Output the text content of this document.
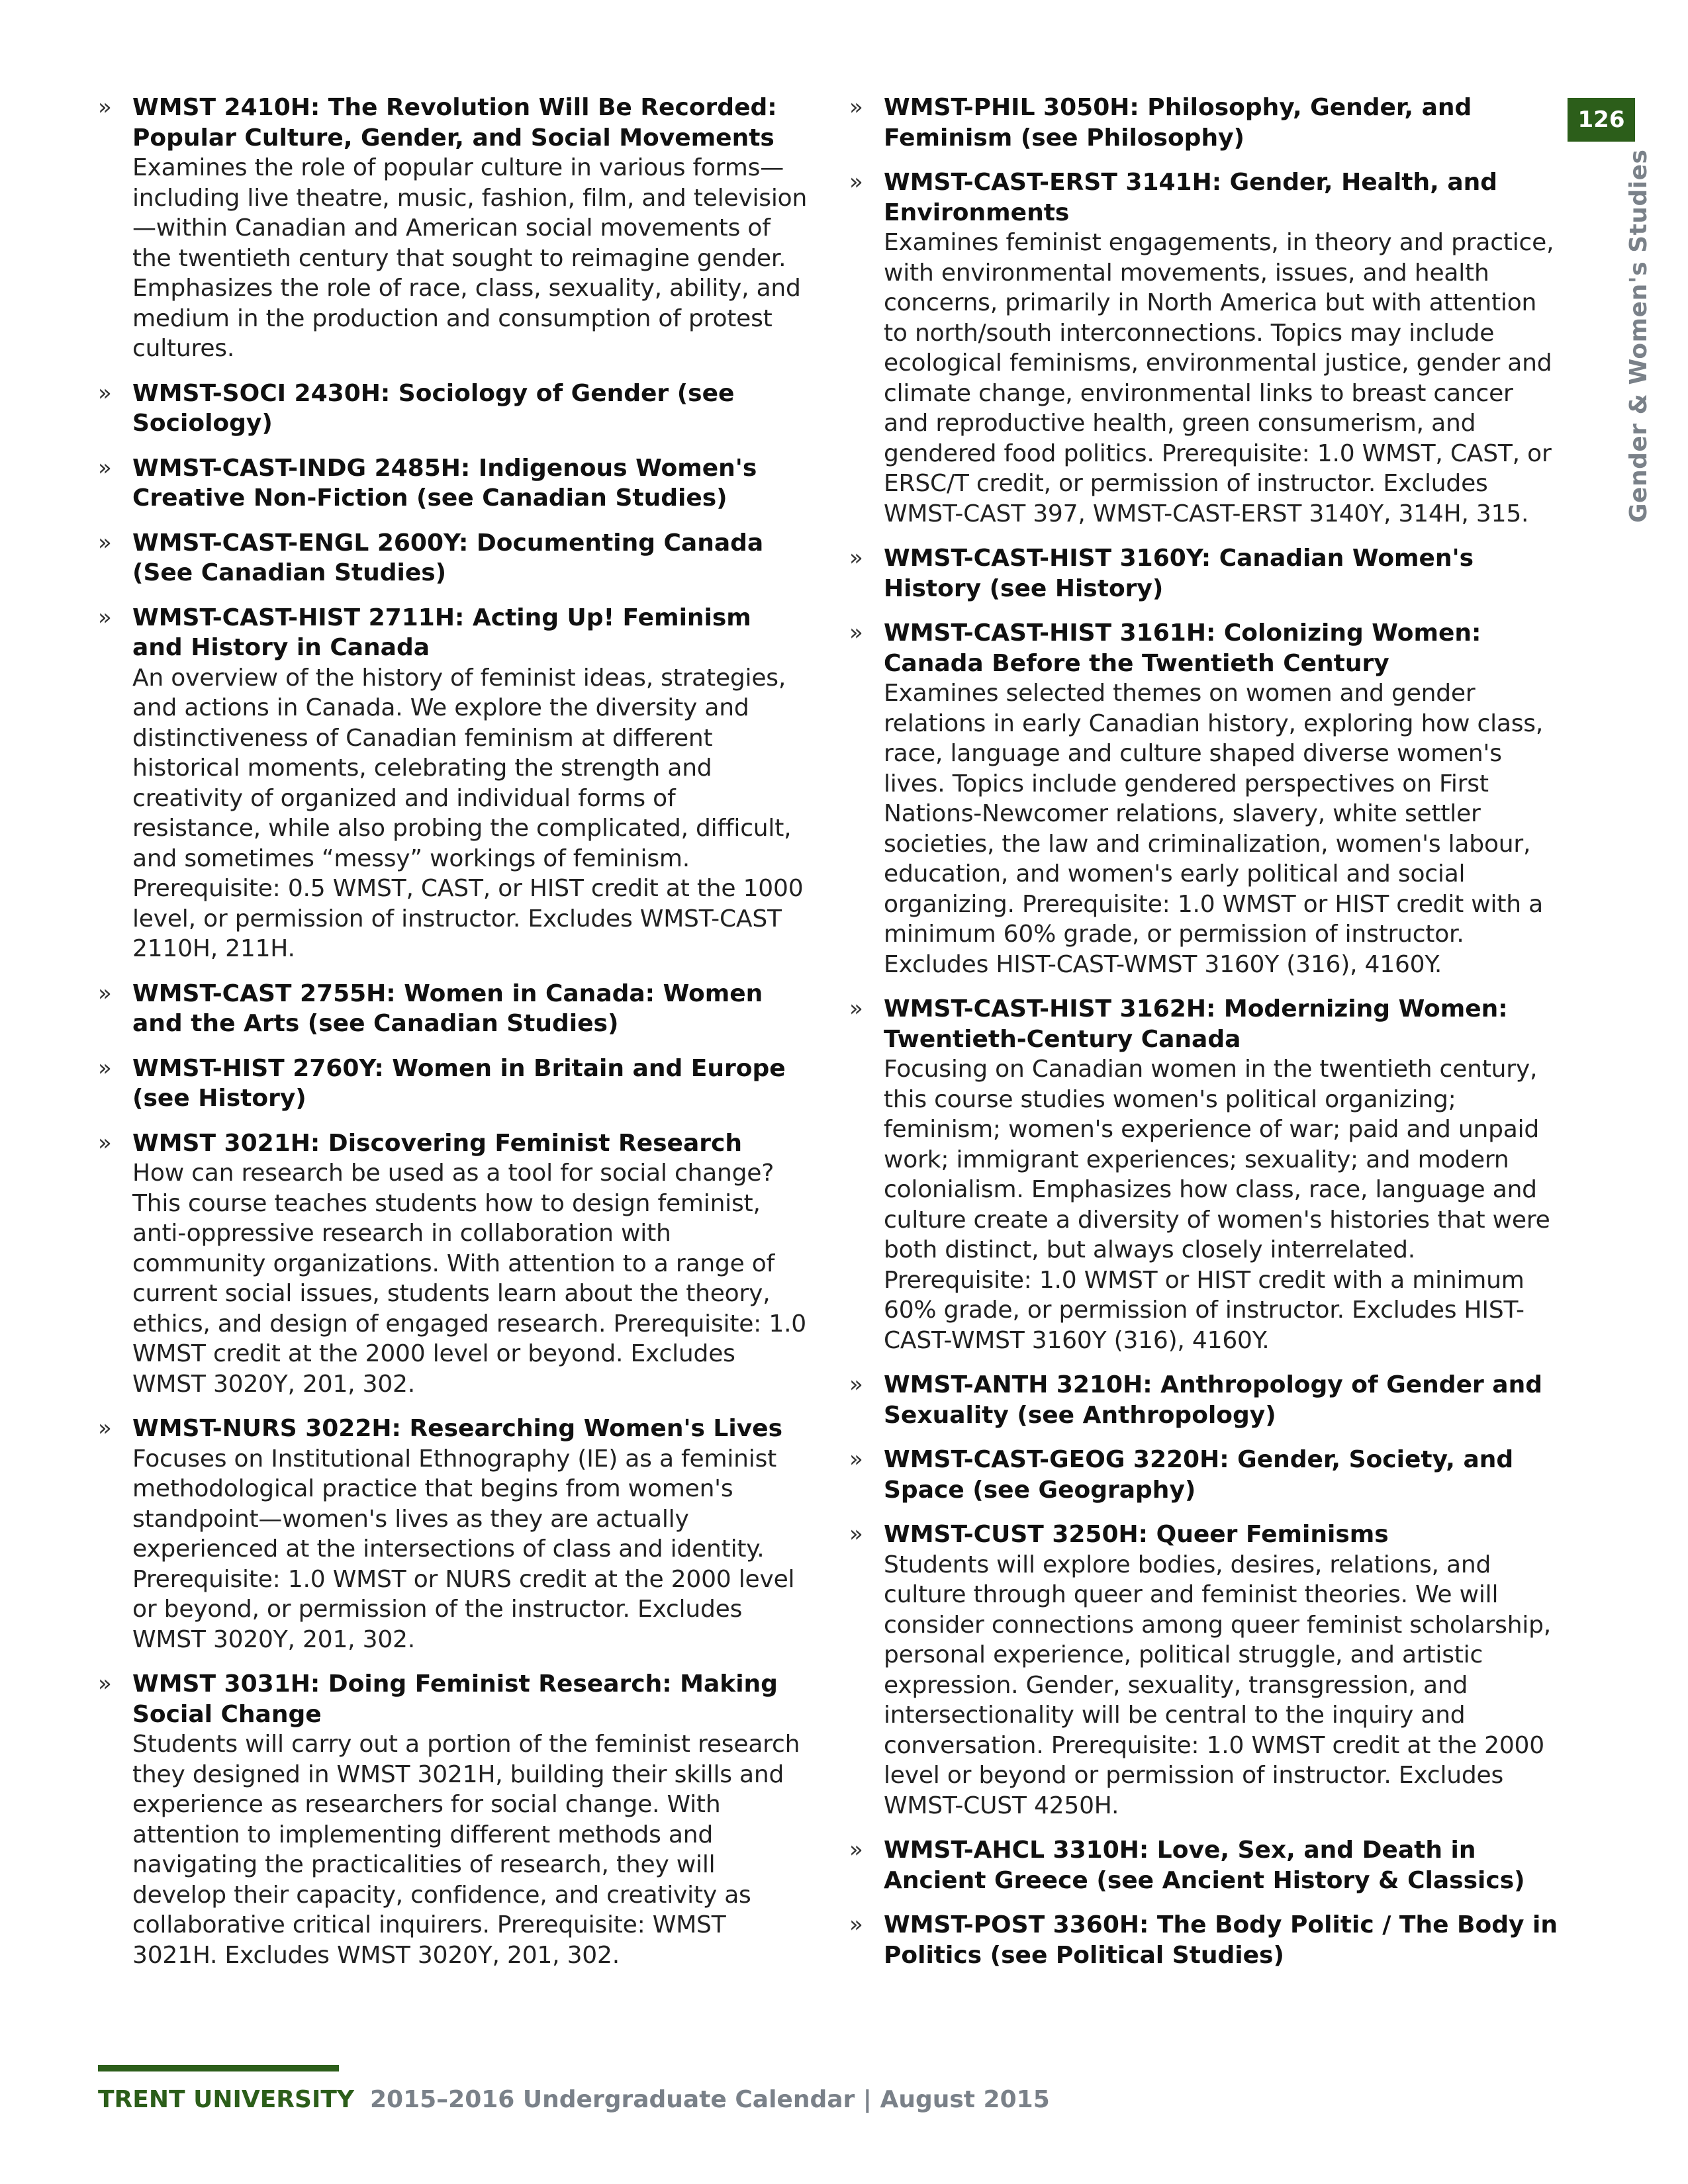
» WMST 2410H: The Revolution Will Be Recorded: Popular Culture, Gender, and Social Movements

Examines the role of popular culture in various forms—including live theatre, music, fashion, film, and television—within Canadian and American social movements of the twentieth century that sought to reimagine gender. Emphasizes the role of race, class, sexuality, ability, and medium in the production and consumption of protest cultures.

» WMST-SOCI 2430H: Sociology of Gender (see Sociology)

» WMST-CAST-INDG 2485H: Indigenous Women's Creative Non-Fiction (see Canadian Studies)

» WMST-CAST-ENGL 2600Y: Documenting Canada (See Canadian Studies)

» WMST-CAST-HIST 2711H: Acting Up! Feminism and History in Canada

An overview of the history of feminist ideas, strategies, and actions in Canada. We explore the diversity and distinctiveness of Canadian feminism at different historical moments, celebrating the strength and creativity of organized and individual forms of resistance, while also probing the complicated, difficult, and sometimes “messy” workings of feminism. Prerequisite: 0.5 WMST, CAST, or HIST credit at the 1000 level, or permission of instructor. Excludes WMST-CAST 2110H, 211H.

» WMST-CAST 2755H: Women in Canada: Women and the Arts (see Canadian Studies)

» WMST-HIST 2760Y: Women in Britain and Europe (see History)

» WMST 3021H: Discovering Feminist Research

How can research be used as a tool for social change? This course teaches students how to design feminist, anti-oppressive research in collaboration with community organizations. With attention to a range of current social issues, students learn about the theory, ethics, and design of engaged research. Prerequisite: 1.0 WMST credit at the 2000 level or beyond. Excludes WMST 3020Y, 201, 302.

» WMST-NURS 3022H: Researching Women's Lives

Focuses on Institutional Ethnography (IE) as a feminist methodological practice that begins from women's standpoint—women's lives as they are actually experienced at the intersections of class and identity. Prerequisite: 1.0 WMST or NURS credit at the 2000 level or beyond, or permission of the instructor. Excludes WMST 3020Y, 201, 302.

» WMST 3031H: Doing Feminist Research: Making Social Change

Students will carry out a portion of the feminist research they designed in WMST 3021H, building their skills and experience as researchers for social change. With attention to implementing different methods and navigating the practicalities of research, they will develop their capacity, confidence, and creativity as collaborative critical inquirers. Prerequisite: WMST 3021H. Excludes WMST 3020Y, 201, 302.

» WMST-PHIL 3050H: Philosophy, Gender, and Feminism (see Philosophy)

» WMST-CAST-ERST 3141H: Gender, Health, and Environments

Examines feminist engagements, in theory and practice, with environmental movements, issues, and health concerns, primarily in North America but with attention to north/south interconnections. Topics may include ecological feminisms, environmental justice, gender and climate change, environmental links to breast cancer and reproductive health, green consumerism, and gendered food politics. Prerequisite: 1.0 WMST, CAST, or ERSC/T credit, or permission of instructor. Excludes WMST-CAST 397, WMST-CAST-ERST 3140Y, 314H, 315.

» WMST-CAST-HIST 3160Y: Canadian Women's History (see History)

» WMST-CAST-HIST 3161H: Colonizing Women: Canada Before the Twentieth Century

Examines selected themes on women and gender relations in early Canadian history, exploring how class, race, language and culture shaped diverse women's lives. Topics include gendered perspectives on First Nations-Newcomer relations, slavery, white settler societies, the law and criminalization, women's labour, education, and women's early political and social organizing. Prerequisite: 1.0 WMST or HIST credit with a minimum 60% grade, or permission of instructor. Excludes HIST-CAST-WMST 3160Y (316), 4160Y.

» WMST-CAST-HIST 3162H: Modernizing Women: Twentieth-Century Canada

Focusing on Canadian women in the twentieth century, this course studies women's political organizing; feminism; women's experience of war; paid and unpaid work; immigrant experiences; sexuality; and modern colonialism. Emphasizes how class, race, language and culture create a diversity of women's histories that were both distinct, but always closely interrelated. Prerequisite: 1.0 WMST or HIST credit with a minimum 60% grade, or permission of instructor. Excludes HIST-CAST-WMST 3160Y (316), 4160Y.

» WMST-ANTH 3210H: Anthropology of Gender and Sexuality (see Anthropology)

» WMST-CAST-GEOG 3220H: Gender, Society, and Space (see Geography)

» WMST-CUST 3250H: Queer Feminisms

Students will explore bodies, desires, relations, and culture through queer and feminist theories. We will consider connections among queer feminist scholarship, personal experience, political struggle, and artistic expression. Gender, sexuality, transgression, and intersectionality will be central to the inquiry and conversation. Prerequisite: 1.0 WMST credit at the 2000 level or beyond or permission of instructor. Excludes WMST-CUST 4250H.

» WMST-AHCL 3310H: Love, Sex, and Death in Ancient Greece (see Ancient History & Classics)

» WMST-POST 3360H: The Body Politic / The Body in Politics (see Political Studies)

126
Gender & Women's Studies
TRENT UNIVERSITY 2015–2016 Undergraduate Calendar | August 2015
